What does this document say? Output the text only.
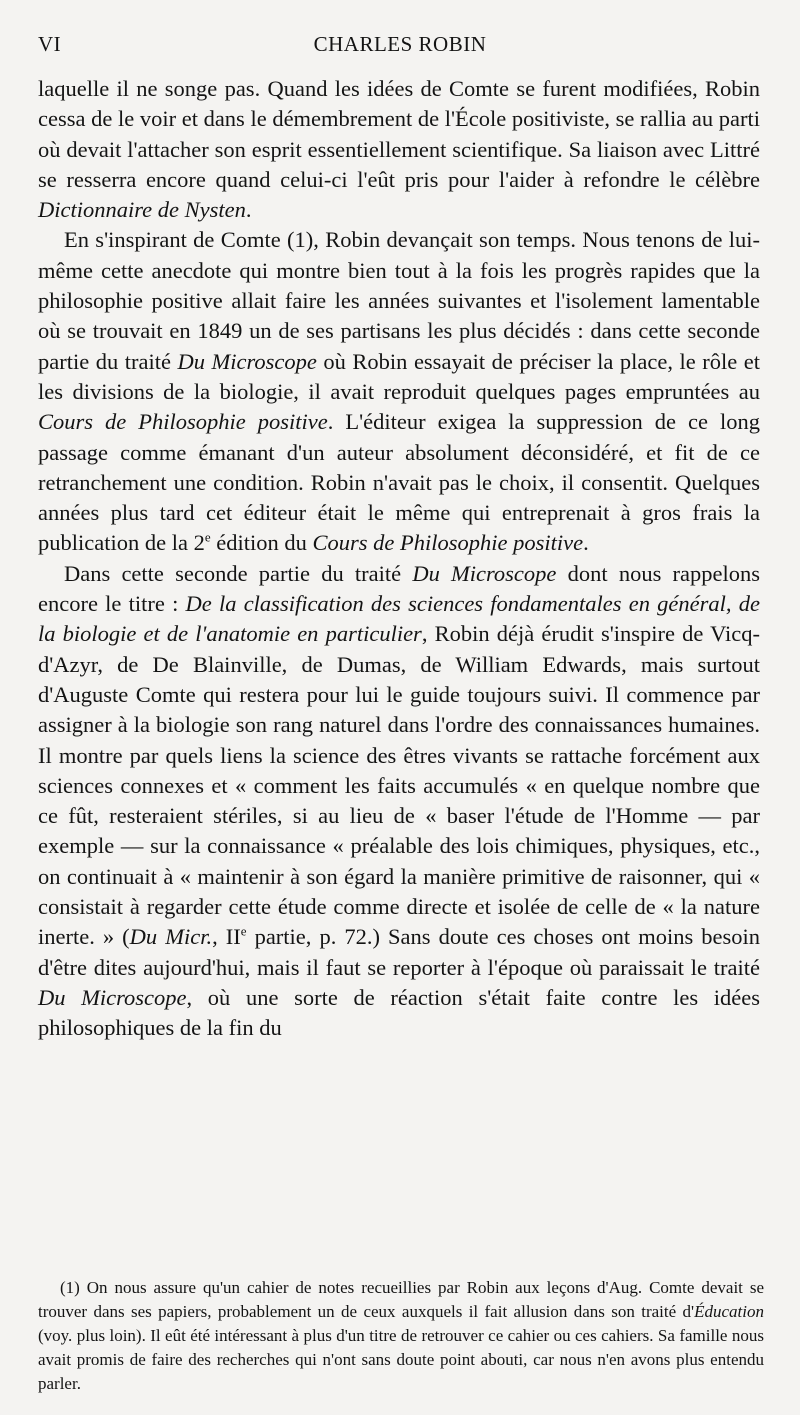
VI	CHARLES ROBIN

laquelle il ne songe pas. Quand les idées de Comte se furent modifiées, Robin cessa de le voir et dans le démembrement de l'École positiviste, se rallia au parti où devait l'attacher son esprit essentiellement scientifique. Sa liaison avec Littré se resserra encore quand celui-ci l'eût pris pour l'aider à refondre le célèbre Dictionnaire de Nysten.

En s'inspirant de Comte (1), Robin devançait son temps. Nous tenons de lui-même cette anecdote qui montre bien tout à la fois les progrès rapides que la philosophie positive allait faire les années suivantes et l'isolement lamentable où se trouvait en 1849 un de ses partisans les plus décidés : dans cette seconde partie du traité Du Microscope où Robin essayait de préciser la place, le rôle et les divisions de la biologie, il avait reproduit quelques pages empruntées au Cours de Philosophie positive. L'éditeur exigea la suppression de ce long passage comme émanant d'un auteur absolument déconsidéré, et fit de ce retranchement une condition. Robin n'avait pas le choix, il consentit. Quelques années plus tard cet éditeur était le même qui entreprenait à gros frais la publication de la 2e édition du Cours de Philosophie positive.

Dans cette seconde partie du traité Du Microscope dont nous rappelons encore le titre : De la classification des sciences fondamentales en général, de la biologie et de l'anatomie en particulier, Robin déjà érudit s'inspire de Vicq-d'Azyr, de De Blainville, de Dumas, de William Edwards, mais surtout d'Auguste Comte qui restera pour lui le guide toujours suivi. Il commence par assigner à la biologie son rang naturel dans l'ordre des connaissances humaines. Il montre par quels liens la science des êtres vivants se rattache forcément aux sciences connexes et « comment les faits accumulés « en quelque nombre que ce fût, resteraient stériles, si au lieu de « baser l'étude de l'Homme — par exemple — sur la connaissance « préalable des lois chimiques, physiques, etc., on continuait à « maintenir à son égard la manière primitive de raisonner, qui « consistait à regarder cette étude comme directe et isolée de celle de « la nature inerte. » (Du Micr., IIe partie, p. 72.) Sans doute ces choses ont moins besoin d'être dites aujourd'hui, mais il faut se reporter à l'époque où paraissait le traité Du Microscope, où une sorte de réaction s'était faite contre les idées philosophiques de la fin du

(1) On nous assure qu'un cahier de notes recueillies par Robin aux leçons d'Aug. Comte devait se trouver dans ses papiers, probablement un de ceux auxquels il fait allusion dans son traité d'Éducation (voy. plus loin). Il eût été intéressant à plus d'un titre de retrouver ce cahier ou ces cahiers. Sa famille nous avait promis de faire des recherches qui n'ont sans doute point abouti, car nous n'en avons plus entendu parler.
